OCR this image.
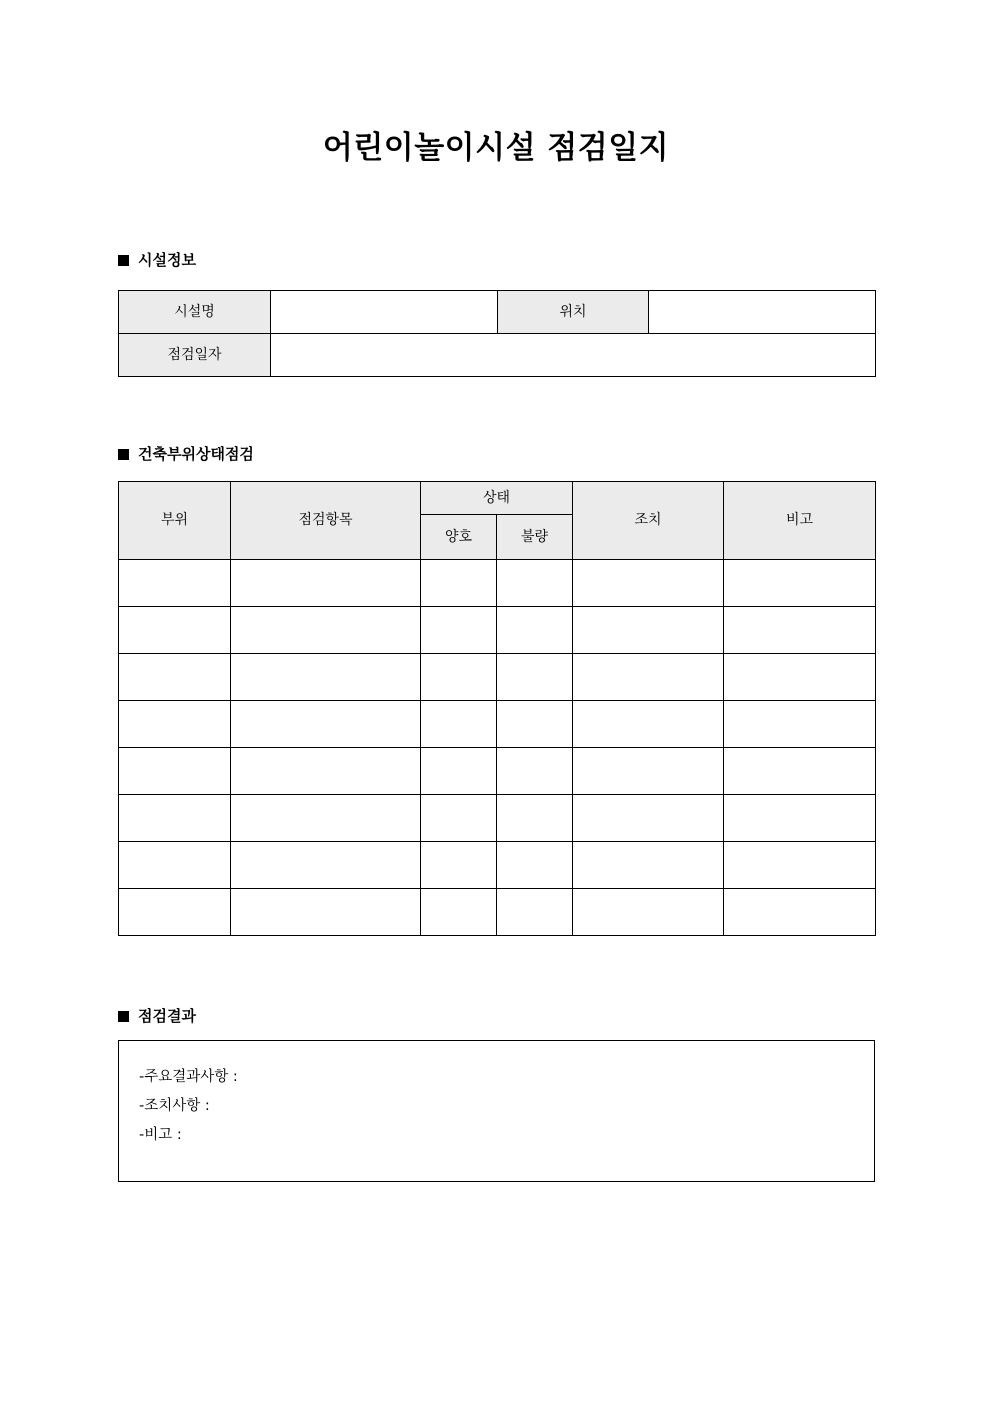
어린이놀이시설 점검일지
시설정보
시설명		위치	
점검일자			
건축부위상태점검
부위	점검항목	상태		조치	비고
		양호	불량		

점검결과
-주요결과사항 :
-조치사항 :
-비고 :
